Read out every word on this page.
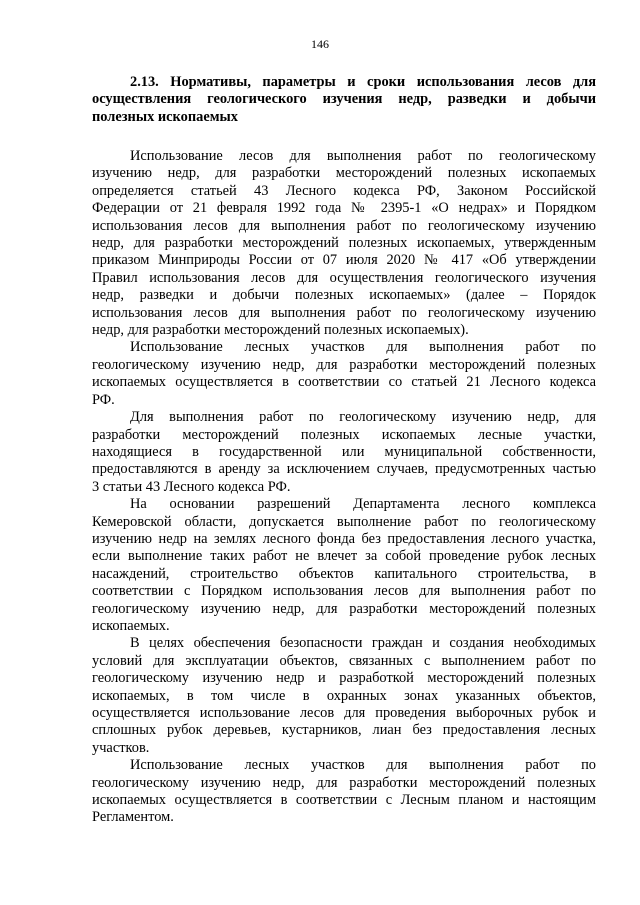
146
2.13. Нормативы, параметры и сроки использования лесов для
осуществления геологического изучения недр, разведки и добычи
полезных ископаемых

Использование лесов для выполнения работ по геологическому
изучению недр, для разработки месторождений полезных ископаемых
определяется статьей 43 Лесного кодекса РФ, Законом Российской
Федерации от 21 февраля 1992 года № 2395-1 «О недрах» и Порядком
использования лесов для выполнения работ по геологическому изучению
недр, для разработки месторождений полезных ископаемых, утвержденным
приказом Минприроды России от 07 июля 2020 № 417 «Об утверждении
Правил использования лесов для осуществления геологического изучения
недр, разведки и добычи полезных ископаемых» (далее – Порядок
использования лесов для выполнения работ по геологическому изучению
недр, для разработки месторождений полезных ископаемых).

Использование лесных участков для выполнения работ по
геологическому изучению недр, для разработки месторождений полезных
ископаемых осуществляется в соответствии со статьей 21 Лесного кодекса
РФ.

Для выполнения работ по геологическому изучению недр, для
разработки месторождений полезных ископаемых лесные участки,
находящиеся в государственной или муниципальной собственности,
предоставляются в аренду за исключением случаев, предусмотренных частью
3 статьи 43 Лесного кодекса РФ.

На основании разрешений Департамента лесного комплекса
Кемеровской области, допускается выполнение работ по геологическому
изучению недр на землях лесного фонда без предоставления лесного участка,
если выполнение таких работ не влечет за собой проведение рубок лесных
насаждений, строительство объектов капитального строительства, в
соответствии с Порядком использования лесов для выполнения работ по
геологическому изучению недр, для разработки месторождений полезных
ископаемых.

В целях обеспечения безопасности граждан и создания необходимых
условий для эксплуатации объектов, связанных с выполнением работ по
геологическому изучению недр и разработкой месторождений полезных
ископаемых, в том числе в охранных зонах указанных объектов,
осуществляется использование лесов для проведения выборочных рубок и
сплошных рубок деревьев, кустарников, лиан без предоставления лесных
участков.

Использование лесных участков для выполнения работ по
геологическому изучению недр, для разработки месторождений полезных
ископаемых осуществляется в соответствии с Лесным планом и настоящим
Регламентом.
